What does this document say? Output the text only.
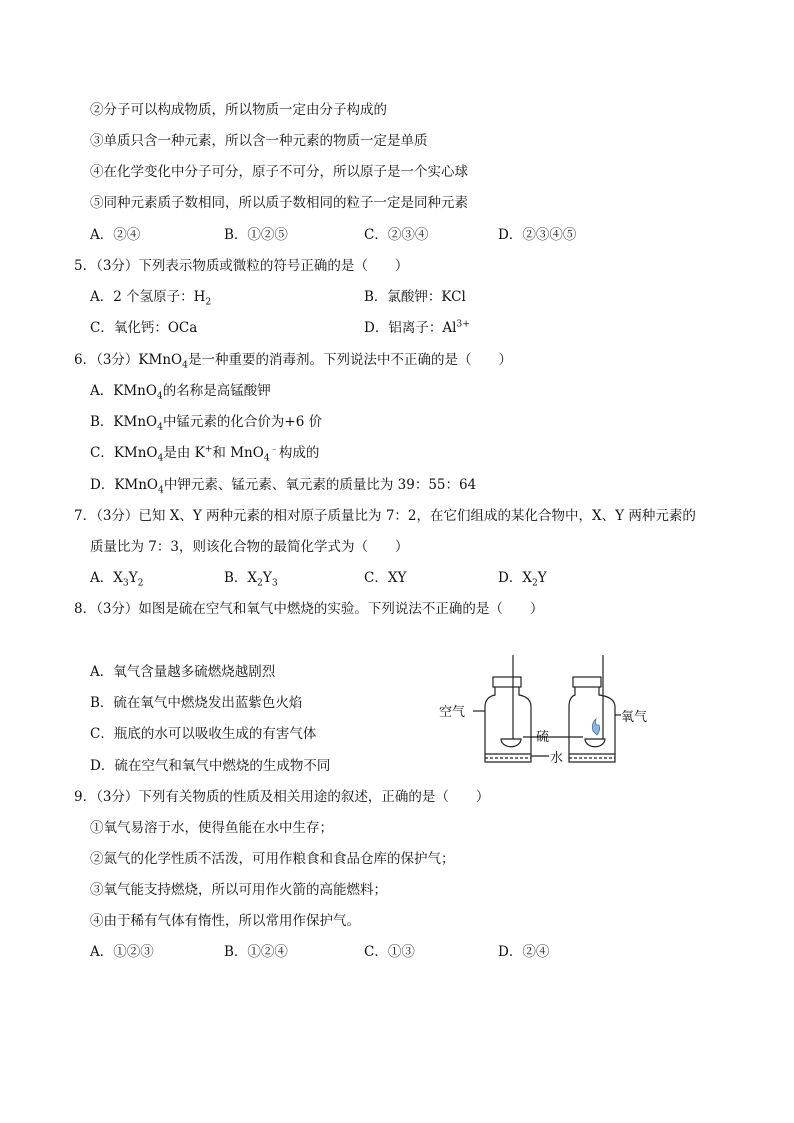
②分子可以构成物质，所以物质一定由分子构成的
③单质只含一种元素，所以含一种元素的物质一定是单质
④在化学变化中分子可分，原子不可分，所以原子是一个实心球
⑤同种元素质子数相同，所以质子数相同的粒子一定是同种元素
A．②④	B．①②⑤	C．②③④	D．②③④⑤
5．（3分）下列表示物质或微粒的符号正确的是（　　）
A．2 个氢原子：$H_2$	B．氯酸钾：KCl
C．氧化钙：OCa	D．铝离子：$Al^{3+}$
6．（3分）KMnO$_4$是一种重要的消毒剂。下列说法中不正确的是（　　）
A．KMnO$_4$的名称是高锰酸钾
B．KMnO$_4$中锰元素的化合价为+6 价
C．KMnO$_4$是由 K+和 MnO$_4$﹣构成的
D．KMnO$_4$中钾元素、锰元素、氧元素的质量比为 39：55：64
7．（3分）已知 X、Y 两种元素的相对原子质量比为 7：2，在它们组成的某化合物中，X、Y 两种元素的
质量比为 7：3，则该化合物的最简化学式为（　　）
A．$X_3Y_2$	B．$X_2Y_3$	C．XY	D．$X_2Y$
8．（3分）如图是硫在空气和氧气中燃烧的实验。下列说法不正确的是（　　）
A．氧气含量越多硫燃烧越剧烈
B．硫在氧气中燃烧发出蓝紫色火焰
C．瓶底的水可以吸收生成的有害气体
D．硫在空气和氧气中燃烧的生成物不同
空气
硫
水
氧气
9．（3分）下列有关物质的性质及相关用途的叙述，正确的是（　　）
①氧气易溶于水，使得鱼能在水中生存；
②氮气的化学性质不活泼，可用作粮食和食品仓库的保护气；
③氧气能支持燃烧，所以可用作火箭的高能燃料；
④由于稀有气体有惰性，所以常用作保护气。
A．①②③	B．①②④	C．①③	D．②④
